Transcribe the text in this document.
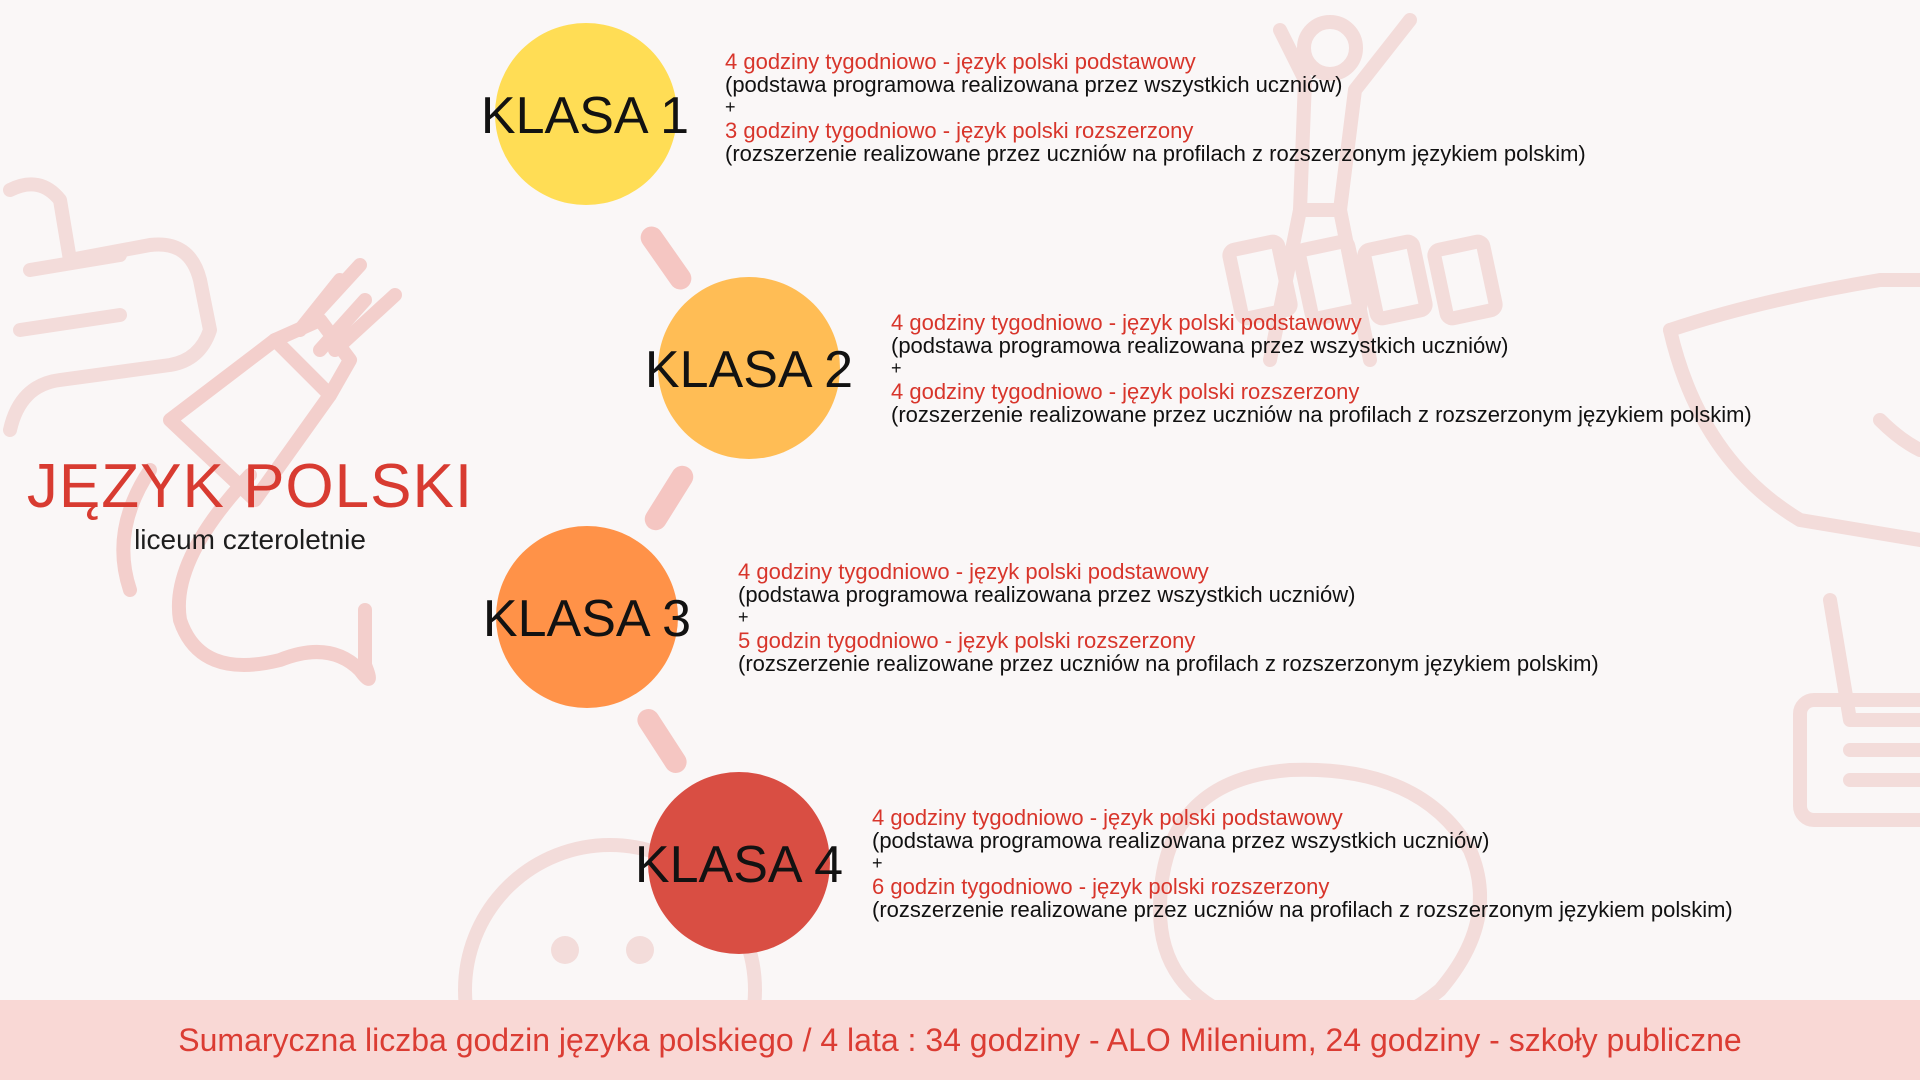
JĘZYK POLSKI
liceum czteroletnie
KLASA 1
KLASA 2
KLASA 3
KLASA 4
4 godziny tygodniowo - język polski podstawowy
(podstawa programowa realizowana przez wszystkich uczniów)
+
3 godziny tygodniowo - język polski rozszerzony
(rozszerzenie realizowane przez uczniów na profilach z rozszerzonym językiem polskim)
4 godziny tygodniowo - język polski podstawowy
(podstawa programowa realizowana przez wszystkich uczniów)
+
4 godziny tygodniowo - język polski rozszerzony
(rozszerzenie realizowane przez uczniów na profilach z rozszerzonym językiem polskim)
4 godziny tygodniowo - język polski podstawowy
(podstawa programowa realizowana przez wszystkich uczniów)
+
5 godzin tygodniowo - język polski rozszerzony
(rozszerzenie realizowane przez uczniów na profilach z rozszerzonym językiem polskim)
4 godziny tygodniowo - język polski podstawowy
(podstawa programowa realizowana przez wszystkich uczniów)
+
6 godzin tygodniowo - język polski rozszerzony
(rozszerzenie realizowane przez uczniów na profilach z rozszerzonym językiem polskim)
Sumaryczna liczba godzin języka polskiego / 4 lata : 34 godziny - ALO Milenium, 24 godziny - szkoły publiczne
